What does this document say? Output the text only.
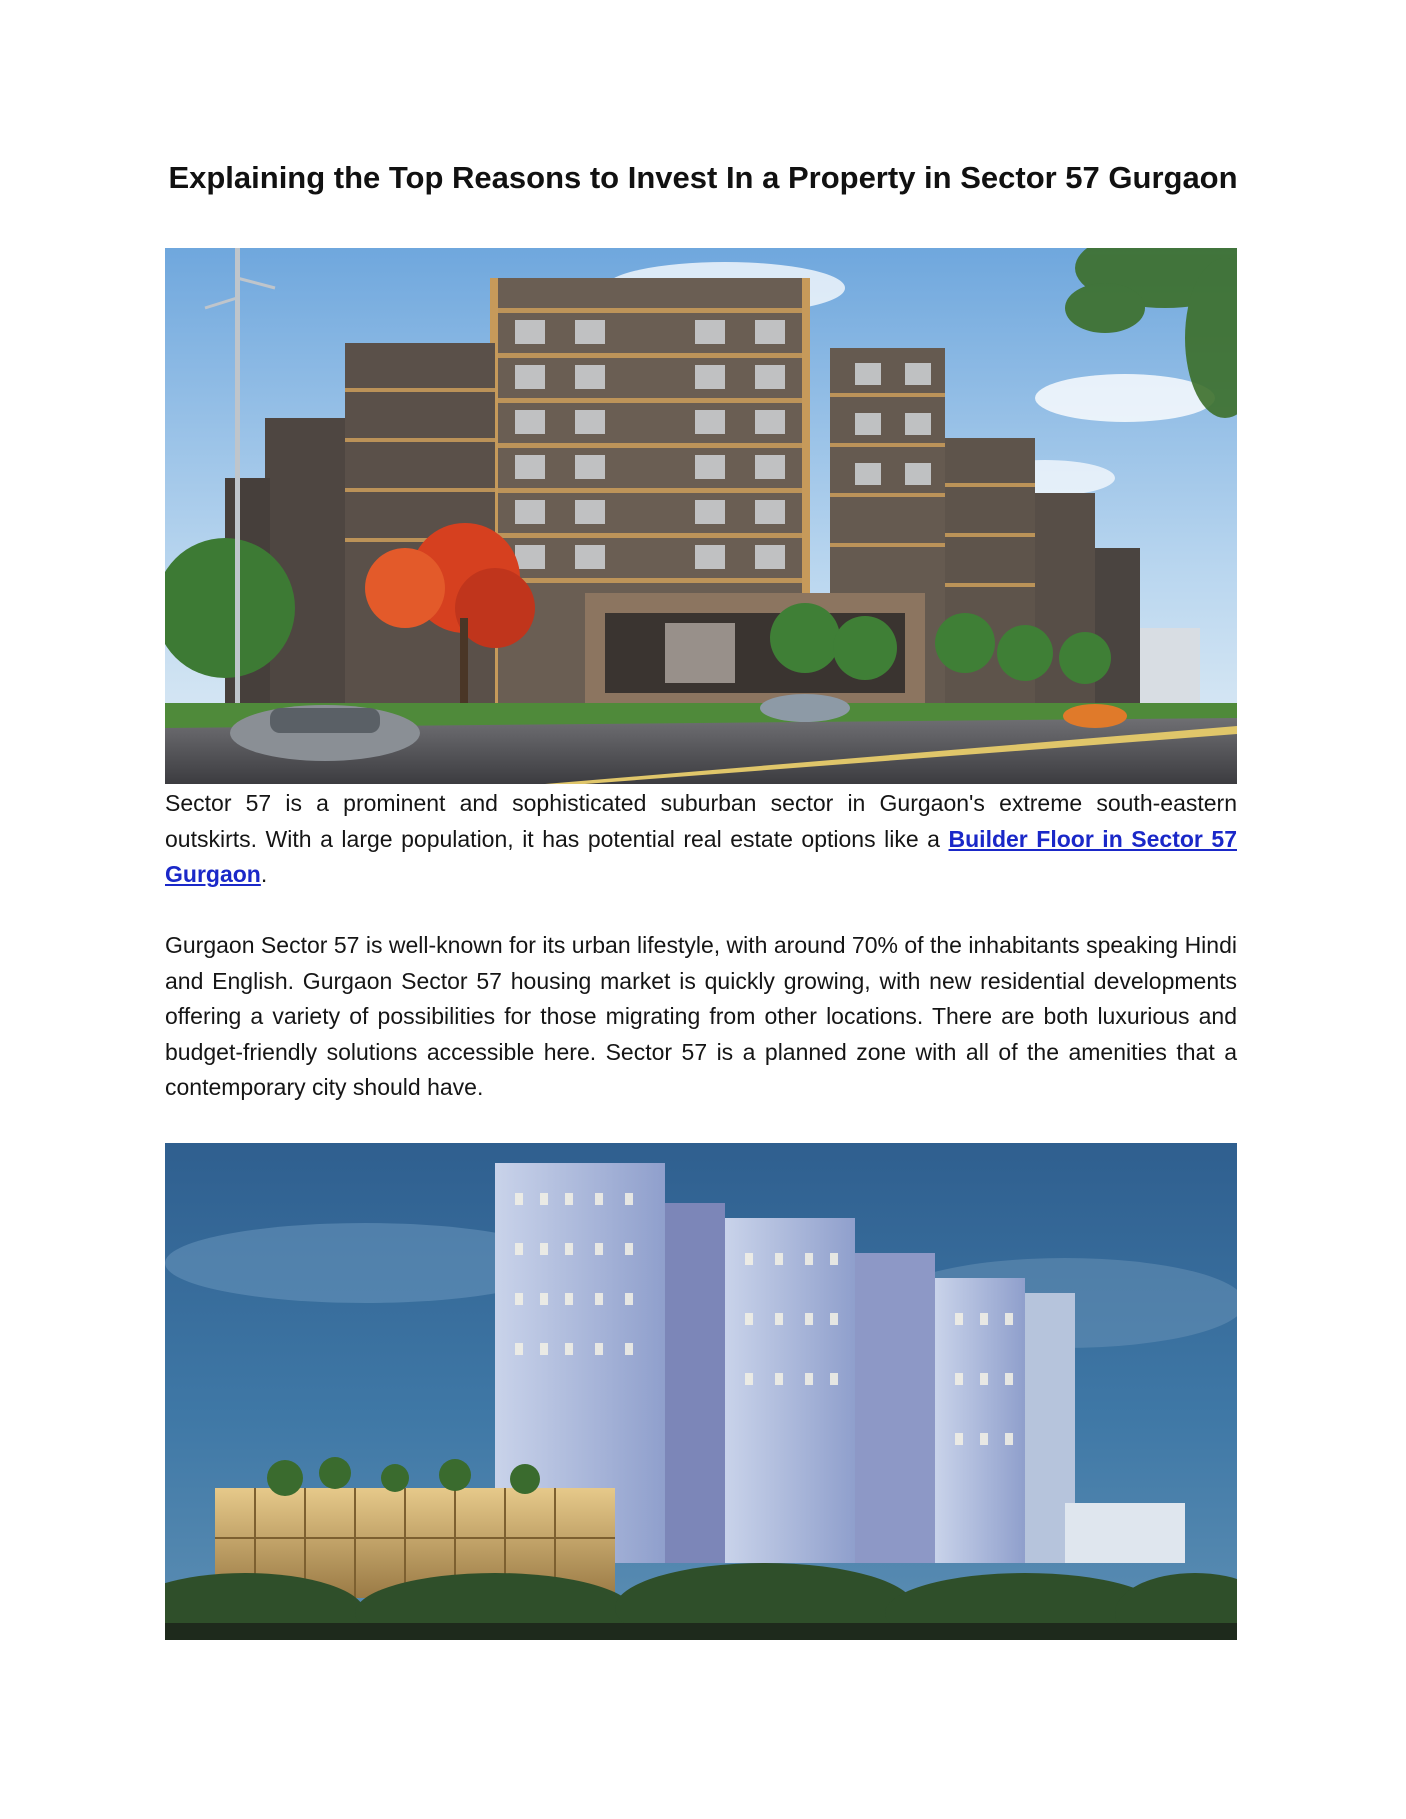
Explaining the Top Reasons to Invest In a Property in Sector 57 Gurgaon

Sector 57 is a prominent and sophisticated suburban sector in Gurgaon's extreme south-eastern outskirts. With a large population, it has potential real estate options like a Builder Floor in Sector 57 Gurgaon.

Gurgaon Sector 57 is well-known for its urban lifestyle, with around 70% of the inhabitants speaking Hindi and English. Gurgaon Sector 57 housing market is quickly growing, with new residential developments offering a variety of possibilities for those migrating from other locations. There are both luxurious and budget-friendly solutions accessible here. Sector 57 is a planned zone with all of the amenities that a contemporary city should have.
